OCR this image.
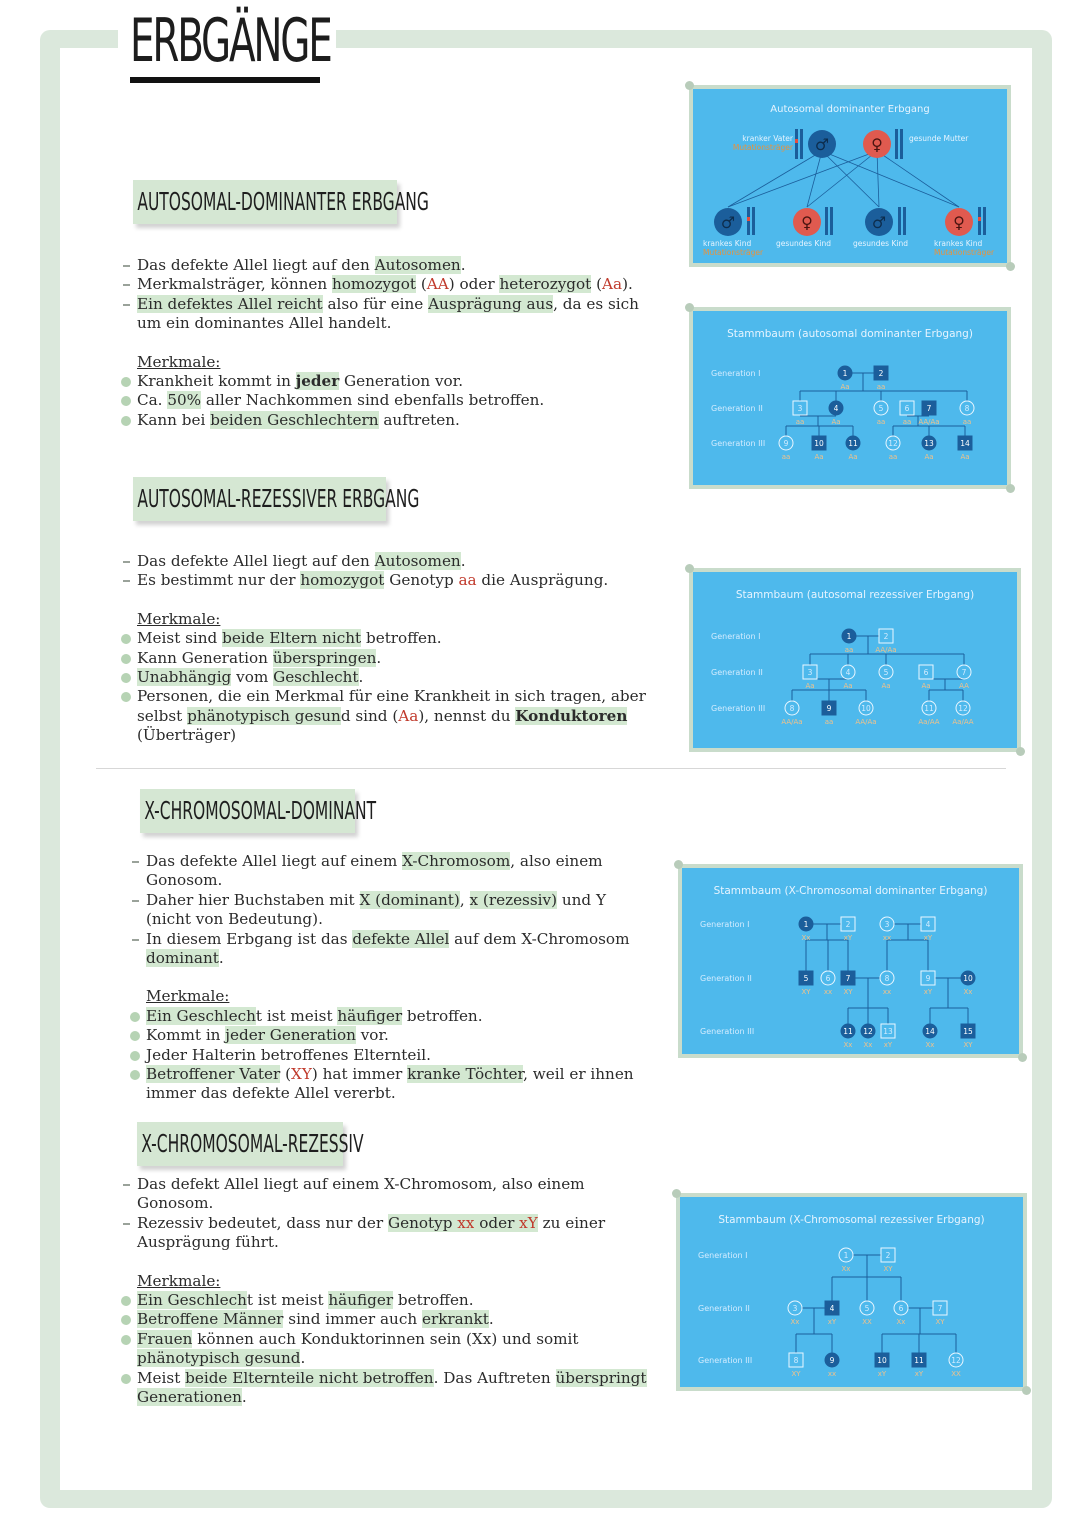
ERBGÄNGE
AUTOSOMAL-DOMINANTER ERBGANG
Das defekte Allel liegt auf den Autosomen.
Merkmalsträger, können homozygot (AA) oder heterozygot (Aa).
Ein defektes Allel reicht also für eine Ausprägung aus, da es sich um ein dominantes Allel handelt.
Merkmale:
Krankheit kommt in jeder Generation vor.
Ca. 50% aller Nachkommen sind ebenfalls betroffen.
Kann bei beiden Geschlechtern auftreten.
AUTOSOMAL-REZESSIVER ERBGANG
Das defekte Allel liegt auf den Autosomen.
Es bestimmt nur der homozygot Genotyp aa die Ausprägung.
Merkmale:
Meist sind beide Eltern nicht betroffen.
Kann Generation überspringen.
Unabhängig vom Geschlecht.
Personen, die ein Merkmal für eine Krankheit in sich tragen, aber selbst phänotypisch gesund sind (Aa), nennst du Konduktoren (Überträger)
X-CHROMOSOMAL-DOMINANT
Das defekte Allel liegt auf einem X-Chromosom, also einem Gonosom.
Daher hier Buchstaben mit X (dominant), x (rezessiv) und Y (nicht von Bedeutung).
In diesem Erbgang ist das defekte Allel auf dem X-Chromosom dominant.
Merkmale:
Ein Geschlecht ist meist häufiger betroffen.
Kommt in jeder Generation vor.
Jeder Halterin betroffenes Elternteil.
Betroffener Vater (XY) hat immer kranke Töchter, weil er ihnen immer das defekte Allel vererbt.
X-CHROMOSOMAL-REZESSIV
Das defekt Allel liegt auf einem X-Chromosom, also einem Gonosom.
Rezessiv bedeutet, dass nur der Genotyp xx oder xY zu einer Ausprägung führt.
Merkmale:
Ein Geschlecht ist meist häufiger betroffen.
Betroffene Männer sind immer auch erkrankt.
Frauen können auch Konduktorinnen sein (Xx) und somit phänotypisch gesund.
Meist beide Elternteile nicht betroffen. Das Auftreten überspringt Generationen.
Autosomal dominanter Erbgang
kranker Vater
Mutationsträger ♂	♀	gesunde Mutter
♂	♀	♂	♀
krankes Kind
Mutationsträger
gesundes Kind	gesundes Kind	krankes Kind
Mutationsträger
Stammbaum (autosomal dominanter Erbgang)
Generation I
Generation II
Generation III
1
Aa
2
aa
3
aa
4
Aa
5
aa
6
aa
7
AA/Aa
8
aa
9
aa
10
Aa
11
Aa
12
aa
13
Aa
14
Aa
Stammbaum (autosomal rezessiver Erbgang)
Generation I
Generation II
Generation III
1
aa
2
AA/Aa
3
Aa
4
Aa
5
Aa
6
Aa
7
AA
8
AA/Aa
9
aa
10
AA/Aa
11
Aa/AA
12
Aa/AA
Stammbaum (X-Chromosomal dominanter Erbgang)
Generation I
Generation II
Generation III
1
Xx
2
xY
3
xx
4
xY
5
XY
6
xx
7
XY
8
xx
9
xY
10
Xx
11
Xx
12
Xx
13
xY
14
Xx
15
XY
Stammbaum (X-Chromosomal rezessiver Erbgang)
Generation I
Generation II
Generation III
1
Xx
2
XY
3
Xx
4
xY
5
XX
6
Xx
7
XY
8
XY
9
xx
10
xY
11
xY
12
XX
